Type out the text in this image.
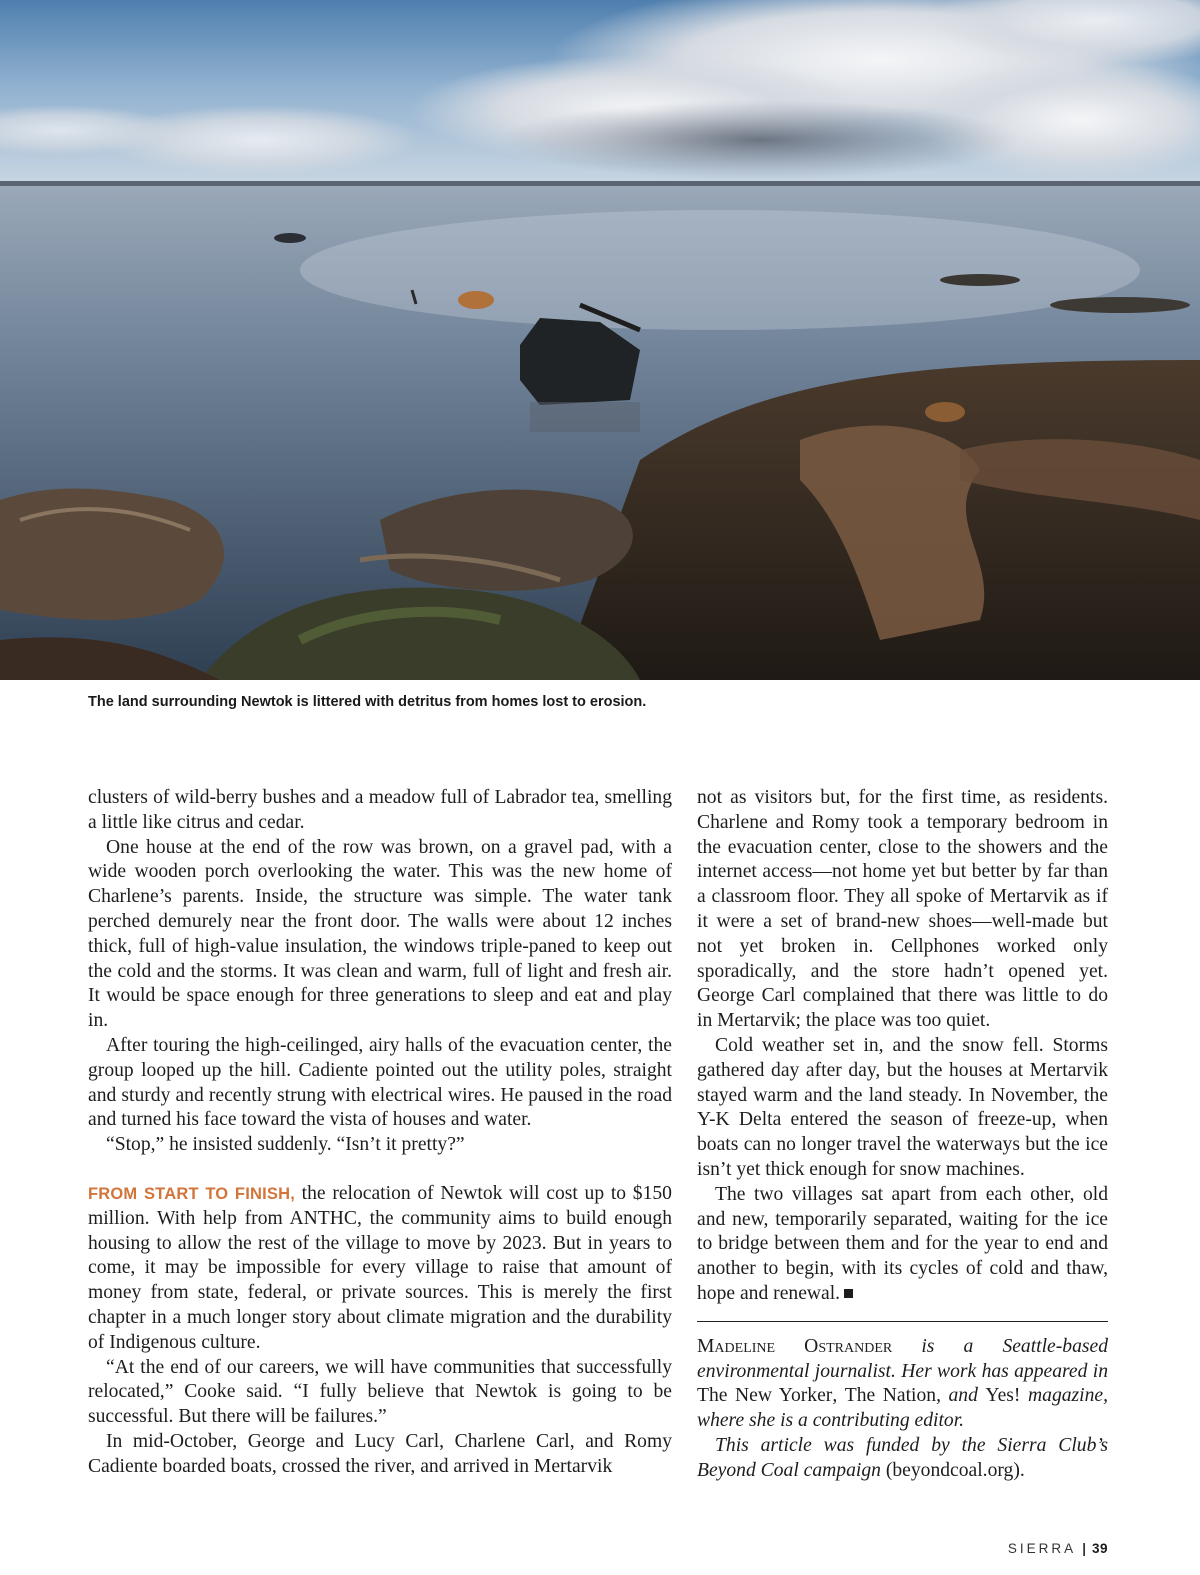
The land surrounding Newtok is littered with detritus from homes lost to erosion.

clusters of wild-berry bushes and a meadow full of Labrador tea, smelling a little like citrus and cedar.

One house at the end of the row was brown, on a gravel pad, with a wide wooden porch overlooking the water. This was the new home of Charlene’s parents. Inside, the structure was simple. The water tank perched demurely near the front door. The walls were about 12 inches thick, full of high-value insulation, the windows triple-paned to keep out the cold and the storms. It was clean and warm, full of light and fresh air. It would be space enough for three generations to sleep and eat and play in.

After touring the high-ceilinged, airy halls of the evacuation center, the group looped up the hill. Cadiente pointed out the utility poles, straight and sturdy and recently strung with electrical wires. He paused in the road and turned his face toward the vista of houses and water.

“Stop,” he insisted suddenly. “Isn’t it pretty?”

FROM START TO FINISH, the relocation of Newtok will cost up to $150 million. With help from ANTHC, the community aims to build enough housing to allow the rest of the village to move by 2023. But in years to come, it may be impossible for every village to raise that amount of money from state, federal, or private sources. This is merely the first chapter in a much longer story about climate migration and the durability of Indigenous culture.

“At the end of our careers, we will have communities that successfully relocated,” Cooke said. “I fully believe that Newtok is going to be successful. But there will be failures.”

In mid-October, George and Lucy Carl, Charlene Carl, and Romy Cadiente boarded boats, crossed the river, and arrived in Mertarvik

not as visitors but, for the first time, as residents. Charlene and Romy took a temporary bedroom in the evacuation center, close to the showers and the internet access—not home yet but better by far than a classroom floor. They all spoke of Mertarvik as if it were a set of brand-new shoes—well-made but not yet broken in. Cellphones worked only sporadically, and the store hadn’t opened yet. George Carl complained that there was little to do in Mertarvik; the place was too quiet.

Cold weather set in, and the snow fell. Storms gathered day after day, but the houses at Mertarvik stayed warm and the land steady. In November, the Y-K Delta entered the season of freeze-up, when boats can no longer travel the waterways but the ice isn’t yet thick enough for snow machines.

The two villages sat apart from each other, old and new, temporarily separated, waiting for the ice to bridge between them and for the year to end and another to begin, with its cycles of cold and thaw, hope and renewal.

Madeline Ostrander is a Seattle-based environmental journalist. Her work has appeared in The New Yorker, The Nation, and Yes! magazine, where she is a contributing editor.

This article was funded by the Sierra Club’s Beyond Coal campaign (beyondcoal.org).

SIERRA | 39
